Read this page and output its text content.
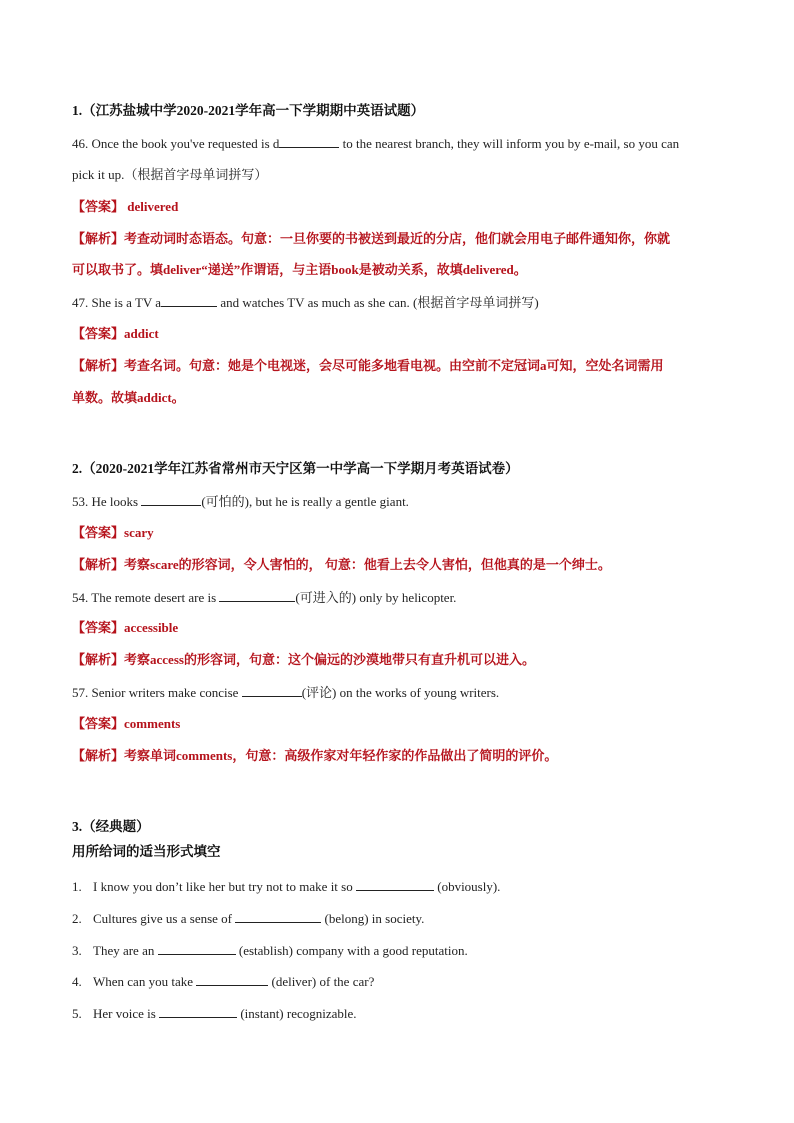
1.（江苏盐城中学2020-2021学年高一下学期期中英语试题）
46. Once the book you've requested is d	to the nearest branch, they will inform you by e-mail, so you can
pick it up.（根据首字母单词拼写）
【答案】 delivered
【解析】考查动词时态语态。句意：一旦你要的书被送到最近的分店，他们就会用电子邮件通知你，你就
可以取书了。填deliver“递送”作谓语，与主语book是被动关系，故填delivered。
47. She is a TV a	and watches TV as much as she can. (根据首字母单词拼写)
【答案】addict
【解析】考查名词。句意：她是个电视迷，会尽可能多地看电视。由空前不定冠词a可知，空处名词需用
单数。故填addict。
2.（2020-2021学年江苏省常州市天宁区第一中学高一下学期月考英语试卷）
53. He looks	(可怕的), but he is really a gentle giant.
【答案】scary
【解析】考察scare的形容词，令人害怕的， 句意：他看上去令人害怕，但他真的是一个绅士。
54. The remote desert are is	(可进入的) only by helicopter.
【答案】accessible
【解析】考察access的形容词，句意：这个偏远的沙漠地带只有直升机可以进入。
57. Senior writers make concise	(评论) on the works of young writers.
【答案】comments
【解析】考察单词comments，句意：高级作家对年轻作家的作品做出了简明的评价。
3.（经典题）
用所给词的适当形式填空
1. I know you don’t like her but try not to make it so	(obviously).
2. Cultures give us a sense of	(belong) in society.
3. They are an	(establish) company with a good reputation.
4. When can you take	(deliver) of the car?
5. Her voice is	(instant) recognizable.
